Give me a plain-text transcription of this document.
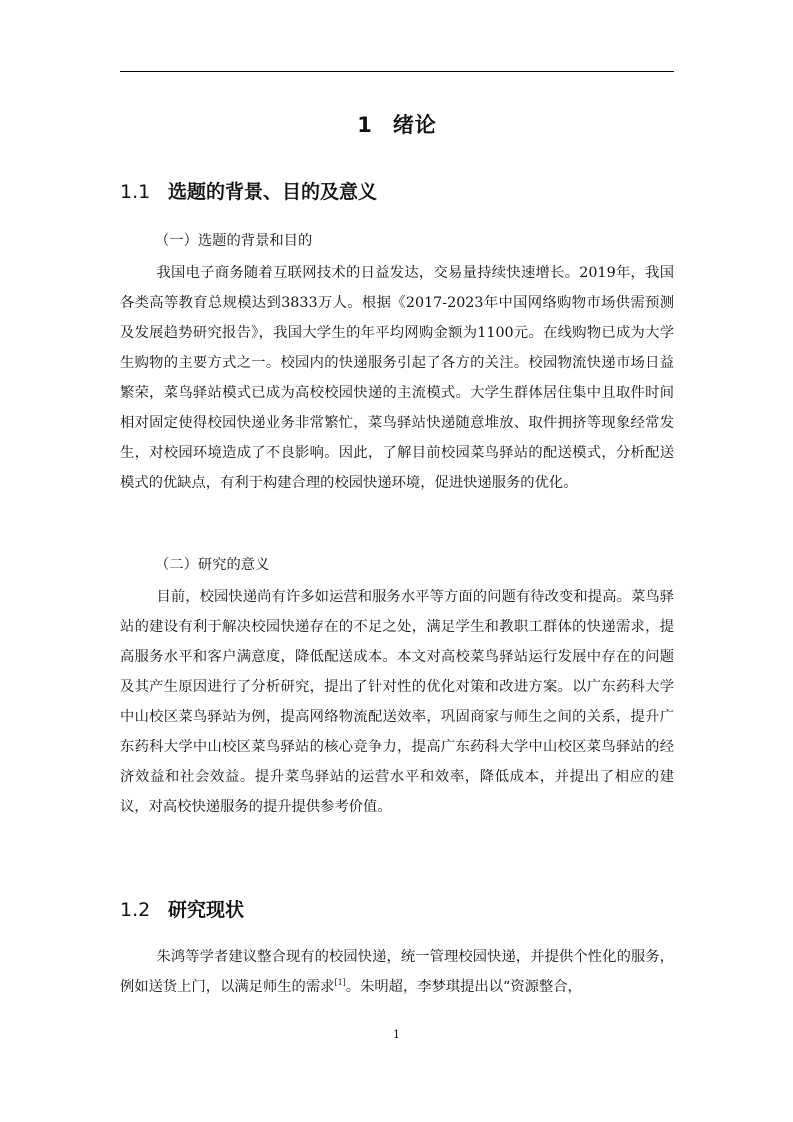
1 绪论
1.1 选题的背景、目的及意义
（一）选题的背景和目的

我国电子商务随着互联网技术的日益发达，交易量持续快速增长。2019年，我国各类高等教育总规模达到3833万人。根据《2017-2023年中国网络购物市场供需预测及发展趋势研究报告》，我国大学生的年平均网购金额为1100元。在线购物已成为大学生购物的主要方式之一。校园内的快递服务引起了各方的关注。校园物流快递市场日益繁荣，菜鸟驿站模式已成为高校校园快递的主流模式。大学生群体居住集中且取件时间相对固定使得校园快递业务非常繁忙，菜鸟驿站快递随意堆放、取件拥挤等现象经常发生，对校园环境造成了不良影响。因此，了解目前校园菜鸟驿站的配送模式，分析配送模式的优缺点，有利于构建合理的校园快递环境，促进快递服务的优化。

（二）研究的意义

目前，校园快递尚有许多如运营和服务水平等方面的问题有待改变和提高。菜鸟驿站的建设有利于解决校园快递存在的不足之处，满足学生和教职工群体的快递需求，提高服务水平和客户满意度，降低配送成本。本文对高校菜鸟驿站运行发展中存在的问题及其产生原因进行了分析研究，提出了针对性的优化对策和改进方案。以广东药科大学中山校区菜鸟驿站为例，提高网络物流配送效率，巩固商家与师生之间的关系，提升广东药科大学中山校区菜鸟驿站的核心竞争力，提高广东药科大学中山校区菜鸟驿站的经济效益和社会效益。提升菜鸟驿站的运营水平和效率，降低成本，并提出了相应的建议，对高校快递服务的提升提供参考价值。

1.2 研究现状

朱鸿等学者建议整合现有的校园快递，统一管理校园快递，并提供个性化的服务，例如送货上门，以满足师生的需求[1]。朱明超，李梦琪提出以“资源整合，

1
